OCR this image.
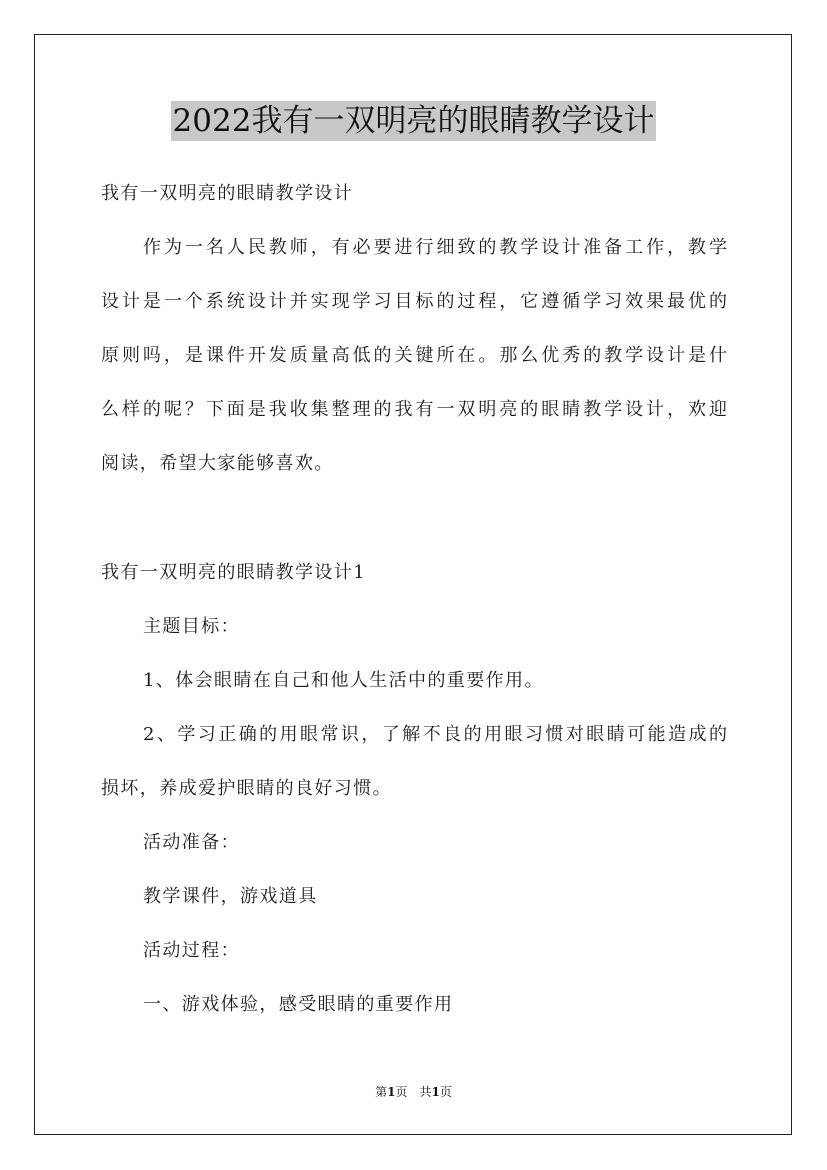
2022我有一双明亮的眼睛教学设计
我有一双明亮的眼睛教学设计
作为一名人民教师，有必要进行细致的教学设计准备工作，教学
设计是一个系统设计并实现学习目标的过程，它遵循学习效果最优的
原则吗，是课件开发质量高低的关键所在。那么优秀的教学设计是什
么样的呢？下面是我收集整理的我有一双明亮的眼睛教学设计，欢迎
阅读，希望大家能够喜欢。
我有一双明亮的眼睛教学设计1
主题目标：
1、体会眼睛在自己和他人生活中的重要作用。
2、学习正确的用眼常识，了解不良的用眼习惯对眼睛可能造成的
损坏，养成爱护眼睛的良好习惯。
活动准备：
教学课件，游戏道具
活动过程：
一、游戏体验，感受眼睛的重要作用
第1页　共1页
